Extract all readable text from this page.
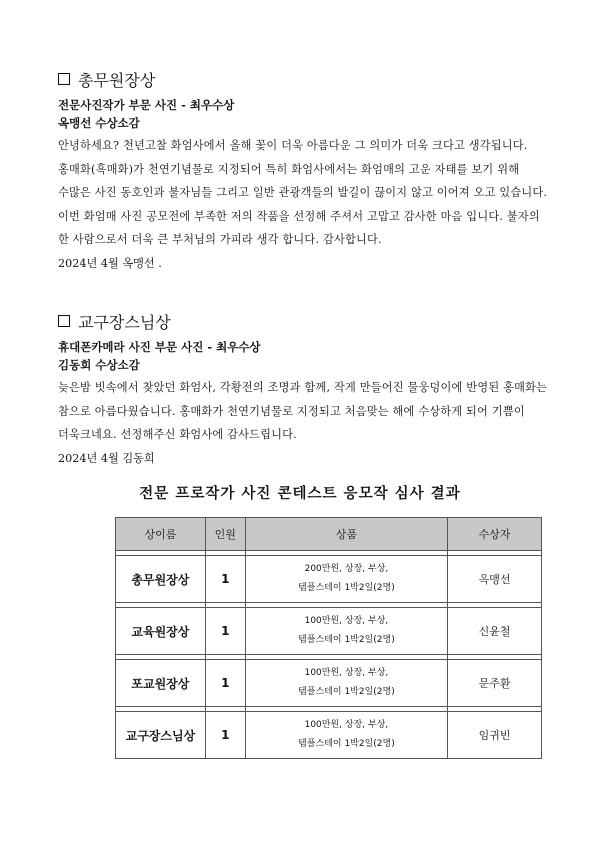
총무원장상
전문사진작가 부문 사진 - 최우수상
옥맹선 수상소감
안녕하세요? 천년고찰 화엄사에서 올해 꽃이 더욱 아름다운 그 의미가 더욱 크다고 생각됩니다. 홍매화(흑매화)가 천연기념물로 지정되어 특히 화엄사에서는 화엄매의 고운 자태를 보기 위해 수많은 사진 동호인과 불자님들 그리고 일반 관광객들의 발길이 끊이지 않고 이어져 오고 있습니다. 이번 화엄매 사진 공모전에 부족한 저의 작품을 선정해 주셔서 고맙고 감사한 마음 입니다. 불자의 한 사람으로서 더욱 큰 부처님의 가피라 생각 합니다. 감사합니다.
2024년 4월 옥맹선 .
교구장스님상
휴대폰카메라 사진 부문 사진 - 최우수상
김동희 수상소감
늦은밤 빗속에서 찾았던 화엄사, 각황전의 조명과 함께, 작게 만들어진 물웅덩이에 반영된 홍매화는 참으로 아름다웠습니다. 홍매화가 천연기념물로 지정되고 처음맞는 해에 수상하게 되어 기쁨이 더욱크네요. 선정해주신 화엄사에 감사드립니다.
2024년 4월 김동희
전문 프로작가 사진 콘테스트 응모작 심사 결과
상이름	인원	상품	수상자

총무원장상	1	200만원, 상장, 부상,
템플스테이 1박2일(2명)	옥맹선

교육원장상	1	100만원, 상장, 부상,
템플스테이 1박2일(2명)	신윤철

포교원장상	1	100만원, 상장, 부상,
템플스테이 1박2일(2명)	문주환

교구장스님상	1	100만원, 상장, 부상,
템플스테이 1박2일(2명)	임귀빈
